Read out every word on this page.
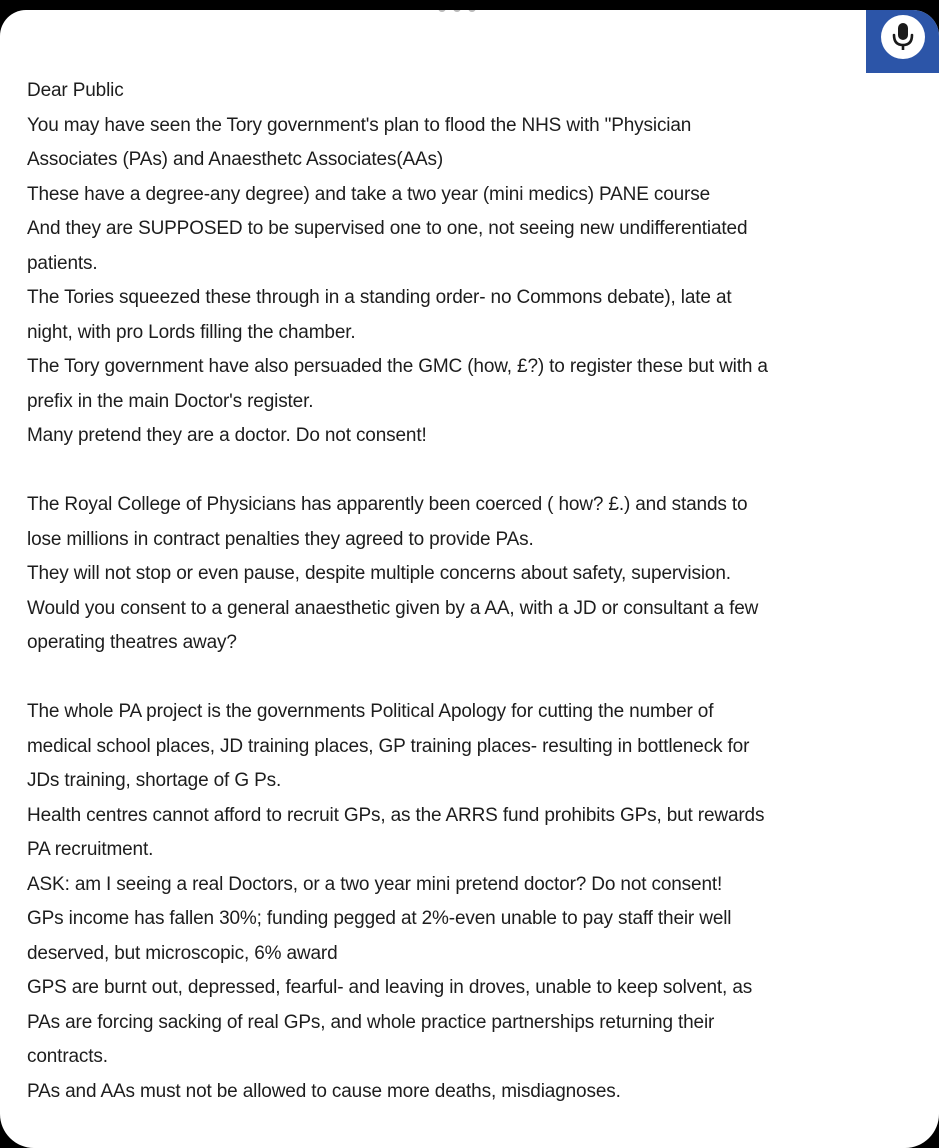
Dear Public
You may have seen the Tory government's plan to flood the NHS with "Physician
Associates (PAs) and Anaesthetc Associates(AAs)
These have a degree-any degree) and take a two year (mini medics) PANE course
And they are SUPPOSED to be supervised one to one, not seeing new undifferentiated
patients.
The Tories squeezed these through in a standing order- no Commons debate), late at
night, with pro Lords filling the chamber.
The Tory government have also persuaded the GMC (how, £?) to register these but with a
prefix in the main Doctor's register.
Many pretend they are a doctor. Do not consent!
The Royal College of Physicians has apparently been coerced ( how? £.) and stands to
lose millions in contract penalties they agreed to provide PAs.
They will not stop or even pause, despite multiple concerns about safety, supervision.
Would you consent to a general anaesthetic given by a AA, with a JD or consultant a few
operating theatres away?
The whole PA project is the governments Political Apology for cutting the number of
medical school places, JD training places, GP training places- resulting in bottleneck for
JDs training, shortage of G Ps.
Health centres cannot afford to recruit GPs, as the ARRS fund prohibits GPs, but rewards
PA recruitment.
ASK: am I seeing a real Doctors, or a two year mini pretend doctor? Do not consent!
GPs income has fallen 30%; funding pegged at 2%-even unable to pay staff their well
deserved, but microscopic, 6% award
GPS are burnt out, depressed, fearful- and leaving in droves, unable to keep solvent, as
PAs are forcing sacking of real GPs, and whole practice partnerships returning their
contracts.
PAs and AAs must not be allowed to cause more deaths, misdiagnoses.
